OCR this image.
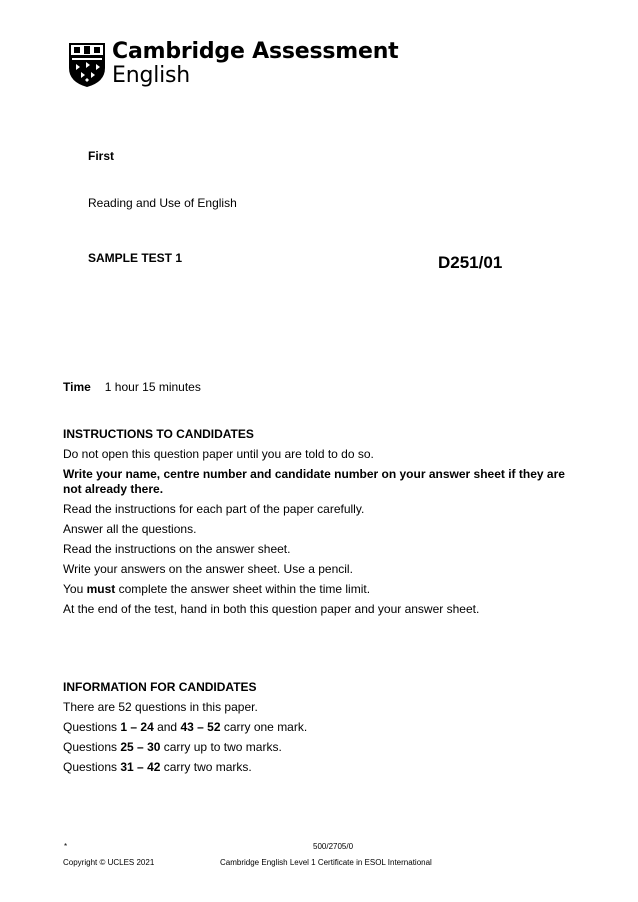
Cambridge Assessment
English
First
Reading and Use of English
SAMPLE TEST 1	D251/01
Time 1 hour 15 minutes
INSTRUCTIONS TO CANDIDATES
Do not open this question paper until you are told to do so.
Write your name, centre number and candidate number on your answer sheet if they are not already there.
Read the instructions for each part of the paper carefully.
Answer all the questions.
Read the instructions on the answer sheet.
Write your answers on the answer sheet. Use a pencil.
You must complete the answer sheet within the time limit.
At the end of the test, hand in both this question paper and your answer sheet.
INFORMATION FOR CANDIDATES
There are 52 questions in this paper.
Questions 1 – 24 and 43 – 52 carry one mark.
Questions 25 – 30 carry up to two marks.
Questions 31 – 42 carry two marks.
*	500/2705/0
Copyright © UCLES 2021	Cambridge English Level 1 Certificate in ESOL International
